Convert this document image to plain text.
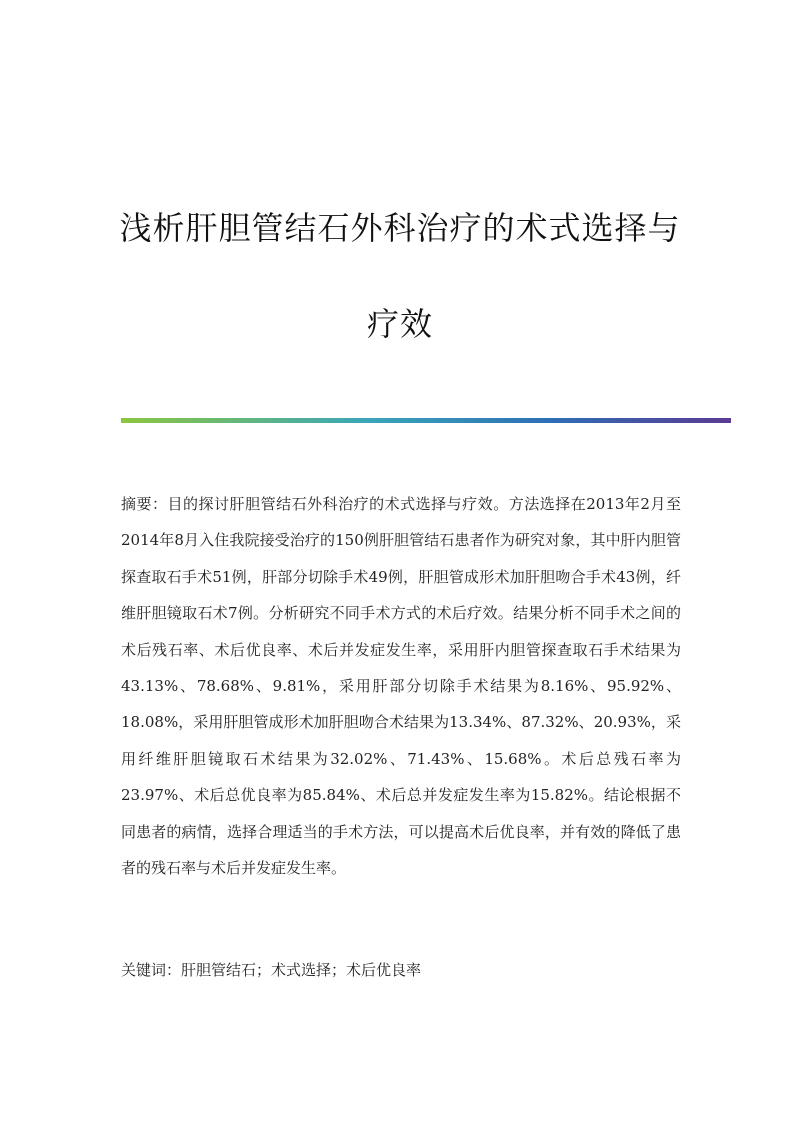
浅析肝胆管结石外科治疗的术式选择与
疗效

摘要：目的探讨肝胆管结石外科治疗的术式选择与疗效。方法选择在2013年2月至2014年8月入住我院接受治疗的150例肝胆管结石患者作为研究对象，其中肝内胆管探查取石手术51例，肝部分切除手术49例，肝胆管成形术加肝胆吻合手术43例，纤维肝胆镜取石术7例。分析研究不同手术方式的术后疗效。结果分析不同手术之间的术后残石率、术后优良率、术后并发症发生率，采用肝内胆管探查取石手术结果为43.13%、78.68%、9.81%，采用肝部分切除手术结果为8.16%、95.92%、18.08%，采用肝胆管成形术加肝胆吻合术结果为13.34%、87.32%、20.93%，采用纤维肝胆镜取石术结果为32.02%、71.43%、15.68%。术后总残石率为23.97%、术后总优良率为85.84%、术后总并发症发生率为15.82%。结论根据不同患者的病情，选择合理适当的手术方法，可以提高术后优良率，并有效的降低了患者的残石率与术后并发症发生率。

关键词：肝胆管结石；术式选择；术后优良率
